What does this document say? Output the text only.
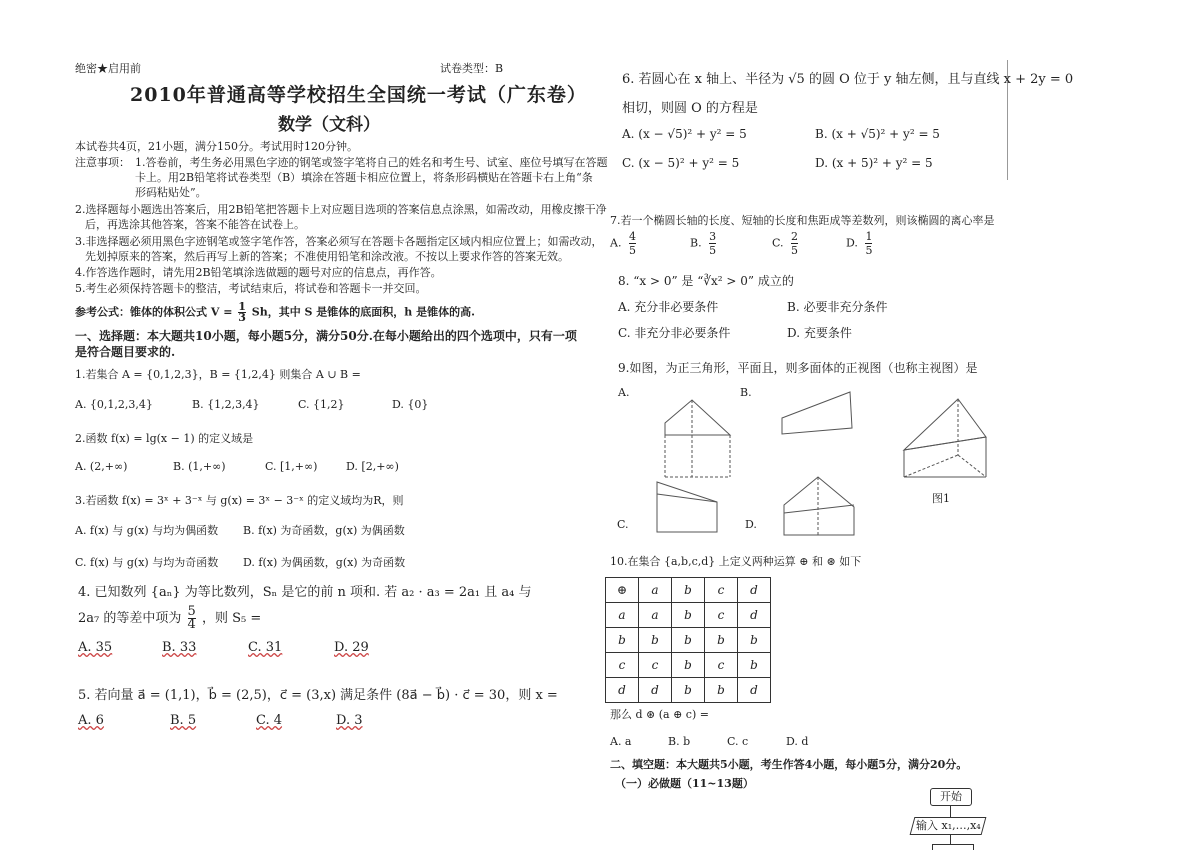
绝密★启用前	试卷类型：B
2010年普通高等学校招生全国统一考试（广东卷）
数学（文科）
本试卷共4页，21小题，满分150分。考试用时120分钟。
注意事项： 1.答卷前，考生务必用黑色字迹的钢笔或签字笔将自己的姓名和考生号、试室、座位号填写在答题
卡上。用2B铅笔将试卷类型（B）填涂在答题卡相应位置上，将条形码横贴在答题卡右上角“条
形码粘贴处”。
2.选择题每小题选出答案后，用2B铅笔把答题卡上对应题目选项的答案信息点涂黑，如需改动，用橡皮擦干净
后，再选涂其他答案，答案不能答在试卷上。
3.非选择题必须用黑色字迹钢笔或签字笔作答，答案必须写在答题卡各题指定区域内相应位置上；如需改动，
先划掉原来的答案，然后再写上新的答案；不准使用铅笔和涂改液。不按以上要求作答的答案无效。
4.作答选作题时，请先用2B铅笔填涂选做题的题号对应的信息点，再作答。
5.考生必须保持答题卡的整洁，考试结束后，将试卷和答题卡一并交回。
参考公式：锥体的体积公式 $V = \frac{1}{3}$ Sh，其中 S 是锥体的底面积，h 是锥体的高.
一、选择题：本大题共10小题，每小题5分，满分50分.在每小题给出的四个选项中，只有一项
是符合题目要求的.
1.若集合 A = {0,1,2,3}，B = {1,2,4} 则集合 A ∪ B =
A. {0,1,2,3,4}	B. {1,2,3,4}	C. {1,2}	D. {0}
2.函数 f(x) = lg(x − 1) 的定义域是
A. (2,+∞)	B. (1,+∞)	C. [1,+∞)	D. [2,+∞)
3.若函数 f(x) = 3ˣ + 3⁻ˣ 与 g(x) = 3ˣ − 3⁻ˣ 的定义域均为R，则
A. f(x) 与 g(x) 与均为偶函数 B. f(x) 为奇函数，g(x) 为偶函数
C. f(x) 与 g(x) 与均为奇函数 D. f(x) 为偶函数，g(x) 为奇函数
4. 已知数列 {aₙ} 为等比数列，Sₙ 是它的前 n 项和. 若 a₂ · a₃ = 2a₁ 且 a₄ 与
2a₇ 的等差中项为 $\frac{5}{4}$ ，则 S₅ =
A. 35	B. 33	C. 31	D. 29
5. 若向量 a⃗ = (1,1)，b⃗ = (2,5)，c⃗ = (3,x) 满足条件 (8a⃗ − b⃗) · c⃗ = 30，则 x =
A. 6	B. 5	C. 4	D. 3
6. 若圆心在 x 轴上、半径为 √5 的圆 O 位于 y 轴左侧，且与直线 x + 2y = 0
相切，则圆 O 的方程是
A. (x − √5)² + y² = 5	B. (x + √5)² + y² = 5
C. (x − 5)² + y² = 5	D. (x + 5)² + y² = 5
7.若一个椭圆长轴的长度、短轴的长度和焦距成等差数列，则该椭圆的离心率是
A. $\frac{4}{5}$	B. $\frac{3}{5}$	C. $\frac{2}{5}$	D. $\frac{1}{5}$
8. “x > 0” 是 “∛x² > 0” 成立的
A. 充分非必要条件	B. 必要非充分条件
C. 非充分非必要条件	D. 充要条件
9.如图，为正三角形，平面且，则多面体的正视图（也称主视图）是
A.	B.
C.	D.
图1
10.在集合 {a,b,c,d} 上定义两种运算 ⊕ 和 ⊛ 如下
⊕	a	b	c	d
a	a	b	c	d
b	b	b	b	b
c	c	b	c	b
d	d	b	b	d
那么 d ⊛ (a ⊕ c) =
A. a	B. b	C. c	D. d
二、填空题：本大题共5小题，考生作答4小题，每小题5分，满分20分。
（一）必做题（11~13题）
开始
输入 x₁,…,x₄
